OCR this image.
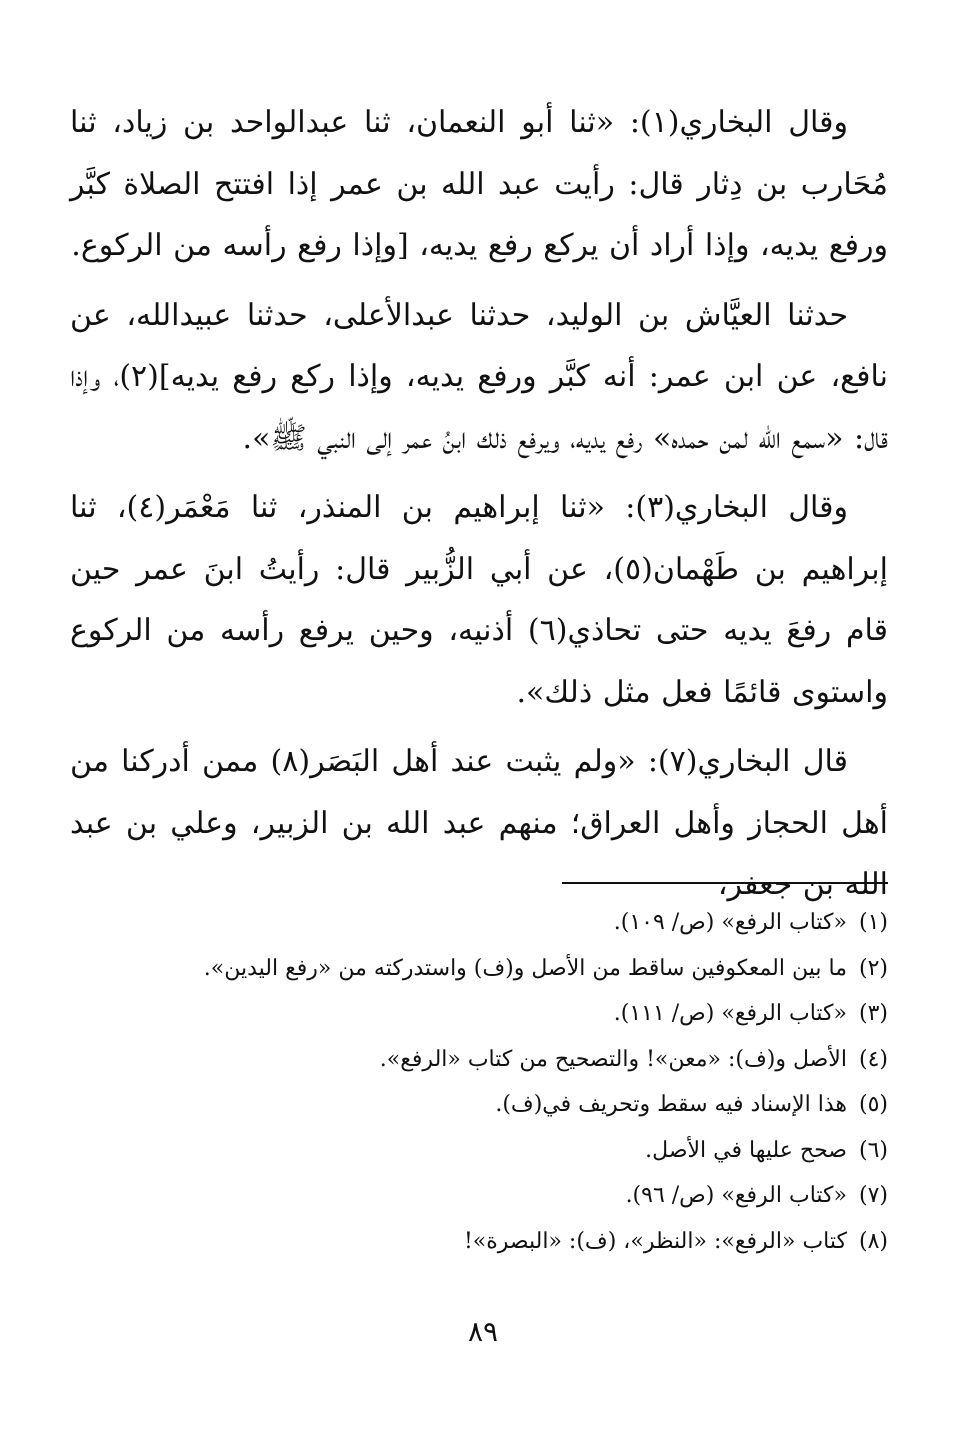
وقال البخاري(١): «ثنا أبو النعمان، ثنا عبدالواحد بن زياد، ثنا مُحَارب بن دِثار قال: رأيت عبد الله بن عمر إذا افتتح الصلاة كبَّر ورفع يديه، وإذا أراد أن يركع رفع يديه، [وإذا رفع رأسه من الركوع.

حدثنا العيَّاش بن الوليد، حدثنا عبدالأعلى، حدثنا عبيدالله، عن نافع، عن ابن عمر: أنه كبَّر ورفع يديه، وإذا ركع رفع يديه](٢)، وإذا قال: «سمع الله لمن حمده» رفع يديه، ويرفع ذلك ابنُ عمر إلى النبي ﷺ».

وقال البخاري(٣): «ثنا إبراهيم بن المنذر، ثنا مَعْمَر(٤)، ثنا إبراهيم بن طَهْمان(٥)، عن أبي الزُّبير قال: رأيتُ ابنَ عمر حين قام رفعَ يديه حتى تحاذي(٦) أذنيه، وحين يرفع رأسه من الركوع واستوى قائمًا فعل مثل ذلك».

قال البخاري(٧): «ولم يثبت عند أهل البَصَر(٨) ممن أدركنا من أهل الحجاز وأهل العراق؛ منهم عبد الله بن الزبير، وعلي بن عبد الله بن جعفر،

(١)«كتاب الرفع» (ص/ ١٠٩).
(٢)ما بين المعكوفين ساقط من الأصل و(ف) واستدركته من «رفع اليدين».
(٣)«كتاب الرفع» (ص/ ١١١).
(٤)الأصل و(ف): «معن»! والتصحيح من كتاب «الرفع».
(٥)هذا الإسناد فيه سقط وتحريف في(ف).
(٦)صحح عليها في الأصل.
(٧)«كتاب الرفع» (ص/ ٩٦).
(٨)كتاب «الرفع»: «النظر»، (ف): «البصرة»!
٨٩
